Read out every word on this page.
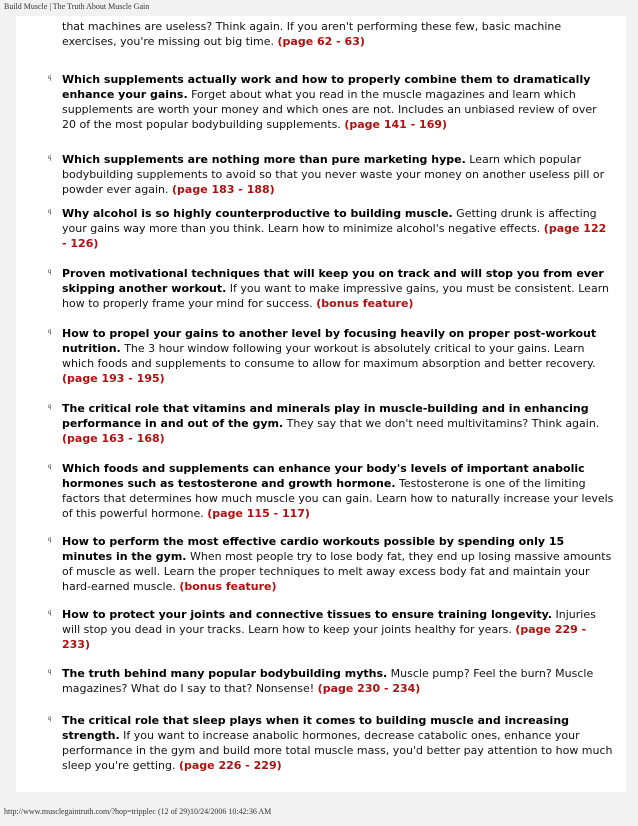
Build Muscle | The Truth About Muscle Gain
that machines are useless? Think again. If you aren't performing these few, basic machine exercises, you're missing out big time. (page 62 - 63)
q Which supplements actually work and how to properly combine them to dramatically enhance your gains. Forget about what you read in the muscle magazines and learn which supplements are worth your money and which ones are not. Includes an unbiased review of over 20 of the most popular bodybuilding supplements. (page 141 - 169)
q Which supplements are nothing more than pure marketing hype. Learn which popular bodybuilding supplements to avoid so that you never waste your money on another useless pill or powder ever again. (page 183 - 188)
q Why alcohol is so highly counterproductive to building muscle. Getting drunk is affecting your gains way more than you think. Learn how to minimize alcohol's negative effects. (page 122 - 126)
q Proven motivational techniques that will keep you on track and will stop you from ever skipping another workout. If you want to make impressive gains, you must be consistent. Learn how to properly frame your mind for success. (bonus feature)
q How to propel your gains to another level by focusing heavily on proper post-workout nutrition. The 3 hour window following your workout is absolutely critical to your gains. Learn which foods and supplements to consume to allow for maximum absorption and better recovery. (page 193 - 195)
q The critical role that vitamins and minerals play in muscle-building and in enhancing performance in and out of the gym. They say that we don't need multivitamins? Think again. (page 163 - 168)
q Which foods and supplements can enhance your body's levels of important anabolic hormones such as testosterone and growth hormone. Testosterone is one of the limiting factors that determines how much muscle you can gain. Learn how to naturally increase your levels of this powerful hormone. (page 115 - 117)
q How to perform the most effective cardio workouts possible by spending only 15 minutes in the gym. When most people try to lose body fat, they end up losing massive amounts of muscle as well. Learn the proper techniques to melt away excess body fat and maintain your hard-earned muscle. (bonus feature)
q How to protect your joints and connective tissues to ensure training longevity. Injuries will stop you dead in your tracks. Learn how to keep your joints healthy for years. (page 229 - 233)
q The truth behind many popular bodybuilding myths. Muscle pump? Feel the burn? Muscle magazines? What do I say to that? Nonsense! (page 230 - 234)
q The critical role that sleep plays when it comes to building muscle and increasing strength. If you want to increase anabolic hormones, decrease catabolic ones, enhance your performance in the gym and build more total muscle mass, you'd better pay attention to how much sleep you're getting. (page 226 - 229)
http://www.musclegaintruth.com/?hop=tripplec (12 of 29)10/24/2006 10:42:36 AM
